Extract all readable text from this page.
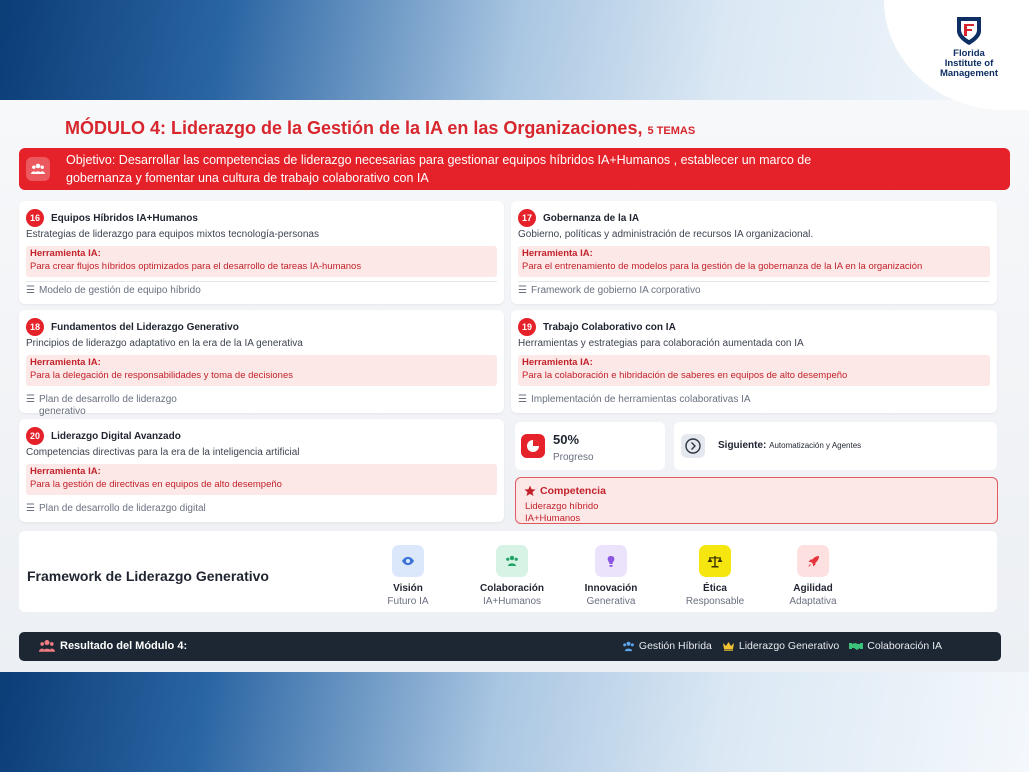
Florida
Institute of
Management
MÓDULO 4: Liderazgo de la Gestión de la IA en las Organizaciones, 5 TEMAS
Objetivo: Desarrollar las competencias de liderazgo necesarias para gestionar equipos híbridos IA+Humanos , establecer un marco de
gobernanza y fomentar una cultura de trabajo colaborativo con IA
16	Equipos Híbridos IA+Humanos
Estrategias de liderazgo para equipos mixtos tecnología-personas
Herramienta IA:
Para crear flujos híbridos optimizados para el desarrollo de tareas IA-humanos
☰ Modelo de gestión de equipo híbrido
17	Gobernanza de la IA
Gobierno, políticas y administración de recursos IA organizacional.
Herramienta IA:
Para el entrenamiento de modelos para la gestión de la gobernanza de la IA en la organización
☰ Framework de gobierno IA corporativo
18	Fundamentos del Liderazgo Generativo
Principios de liderazgo adaptativo en la era de la IA generativa
Herramienta IA:
Para la delegación de responsabilidades y toma de decisiones
☰ Plan de desarrollo de liderazgo
generativo
19	Trabajo Colaborativo con IA
Herramientas y estrategias para colaboración aumentada con IA
Herramienta IA:
Para la colaboración e hibridación de saberes en equipos de alto desempeño
☰ Implementación de herramientas colaborativas IA
20	Liderazgo Digital Avanzado
Competencias directivas para la era de la inteligencia artificial
Herramienta IA:
Para la gestión de directivas en equipos de alto desempeño
☰ Plan de desarrollo de liderazgo digital
50%
Progreso
Siguiente: Automatización y Agentes
Competencia
Liderazgo híbrido
IA+Humanos
Framework de Liderazgo Generativo
Visión
Futuro IA
Colaboración
IA+Humanos
Innovación
Generativa
Ética
Responsable
Agilidad
Adaptativa
Resultado del Módulo 4:	Gestión Híbrida	Liderazgo Generativo	Colaboración IA
